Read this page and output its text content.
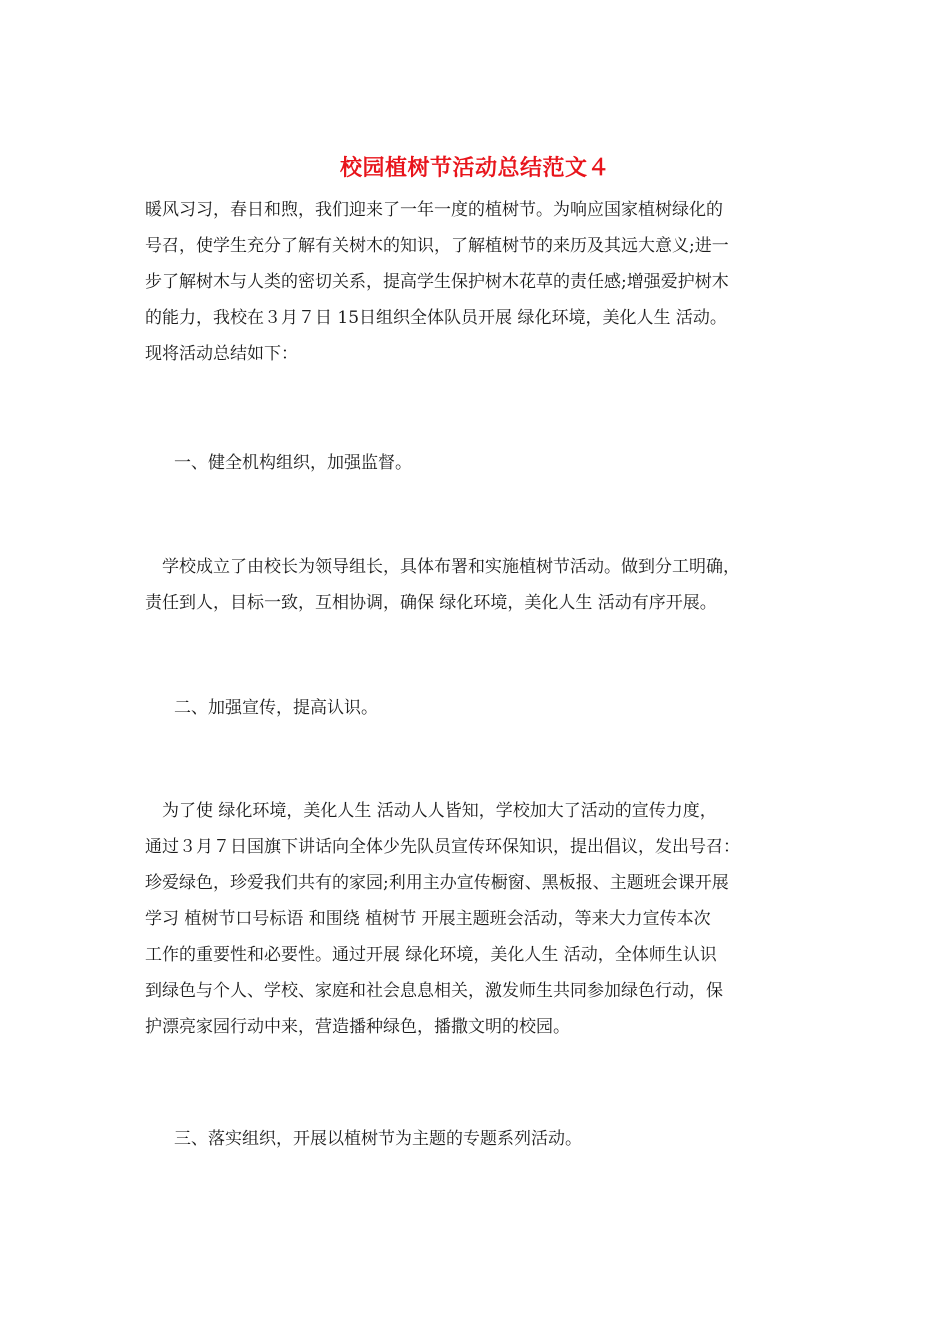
校园植树节活动总结范文４
暖风习习，春日和煦，我们迎来了一年一度的植树节。为响应国家植树绿化的
号召，使学生充分了解有关树木的知识，了解植树节的来历及其远大意义;进一
步了解树木与人类的密切关系，提高学生保护树木花草的责任感;增强爱护树木
的能力，我校在３月７日 15日组织全体队员开展 绿化环境，美化人生 活动。
现将活动总结如下：
一、健全机构组织，加强监督。
　学校成立了由校长为领导组长，具体布署和实施植树节活动。做到分工明确，
责任到人，目标一致，互相协调，确保 绿化环境，美化人生 活动有序开展。
二、加强宣传，提高认识。
　为了使 绿化环境，美化人生 活动人人皆知，学校加大了活动的宣传力度，
通过３月７日国旗下讲话向全体少先队员宣传环保知识，提出倡议，发出号召：
珍爱绿色，珍爱我们共有的家园;利用主办宣传橱窗、黑板报、主题班会课开展
学习 植树节口号标语 和围绕 植树节 开展主题班会活动，等来大力宣传本次
工作的重要性和必要性。通过开展 绿化环境，美化人生 活动，全体师生认识
到绿色与个人、学校、家庭和社会息息相关，激发师生共同参加绿色行动，保
护漂亮家园行动中来，营造播种绿色，播撒文明的校园。
三、落实组织，开展以植树节为主题的专题系列活动。
